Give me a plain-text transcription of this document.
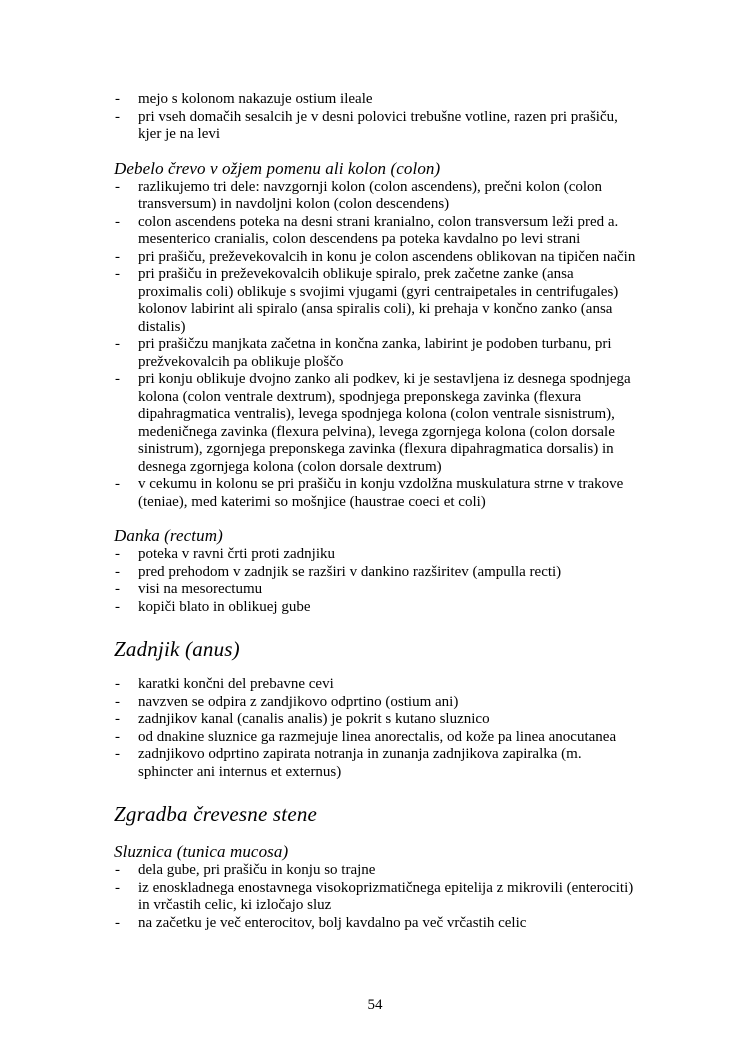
- mejo s kolonom nakazuje ostium ileale
- pri vseh domačih sesalcih je v desni polovici trebušne votline, razen pri prašiču, kjer je na levi
Debelo črevo v ožjem pomenu ali kolon (colon)
- razlikujemo tri dele: navzgornji kolon (colon ascendens), prečni kolon (colon transversum) in navdoljni kolon (colon descendens)
- colon ascendens poteka na desni strani kranialno, colon transversum leži pred a. mesenterico cranialis, colon descendens pa poteka kavdalno po levi strani
- pri prašiču, preževekovalcih in konu je colon ascendens oblikovan na tipičen način
- pri prašiču in preževekovalcih oblikuje spiralo, prek začetne zanke (ansa proximalis coli) oblikuje s svojimi vjugami (gyri centraipetales in centrifugales) kolonov labirint ali spiralo (ansa spiralis coli), ki prehaja v končno zanko (ansa distalis)
- pri prašičzu manjkata začetna in končna zanka, labirint je podoben turbanu, pri prežvekovalcih pa oblikuje ploščo
- pri konju oblikuje dvojno zanko ali podkev, ki je sestavljena iz desnega spodnjega kolona (colon ventrale dextrum), spodnjega preponskega zavinka (flexura dipahragmatica ventralis), levega spodnjega kolona (colon ventrale sisnistrum), medeničnega zavinka (flexura pelvina), levega zgornjega kolona (colon dorsale sinistrum), zgornjega preponskega zavinka (flexura dipahragmatica dorsalis) in desnega zgornjega kolona (colon dorsale dextrum)
- v cekumu in kolonu se pri prašiču in konju vzdolžna muskulatura strne v trakove (teniae), med katerimi so mošnjice (haustrae coeci et coli)
Danka (rectum)
- poteka v ravni črti proti zadnjiku
- pred prehodom v zadnjik se razširi v dankino razširitev (ampulla recti)
- visi na mesorectumu
- kopiči blato in oblikuej gube
Zadnjik (anus)
- karatki končni del prebavne cevi
- navzven se odpira z zandjikovo odprtino (ostium ani)
- zadnjikov kanal (canalis analis) je pokrit s kutano sluznico
- od dnakine sluznice ga razmejuje linea anorectalis, od kože pa linea anocutanea
- zadnjikovo odprtino zapirata notranja in zunanja zadnjikova zapiralka (m. sphincter ani internus et externus)
Zgradba črevesne stene
Sluznica (tunica mucosa)
- dela gube, pri prašiču in konju so trajne
- iz enoskladnega enostavnega visokoprizmatičnega epitelija z mikrovili (enterociti) in vrčastih celic, ki izločajo sluz
- na začetku je več enterocitov, bolj kavdalno pa več vrčastih celic
54
